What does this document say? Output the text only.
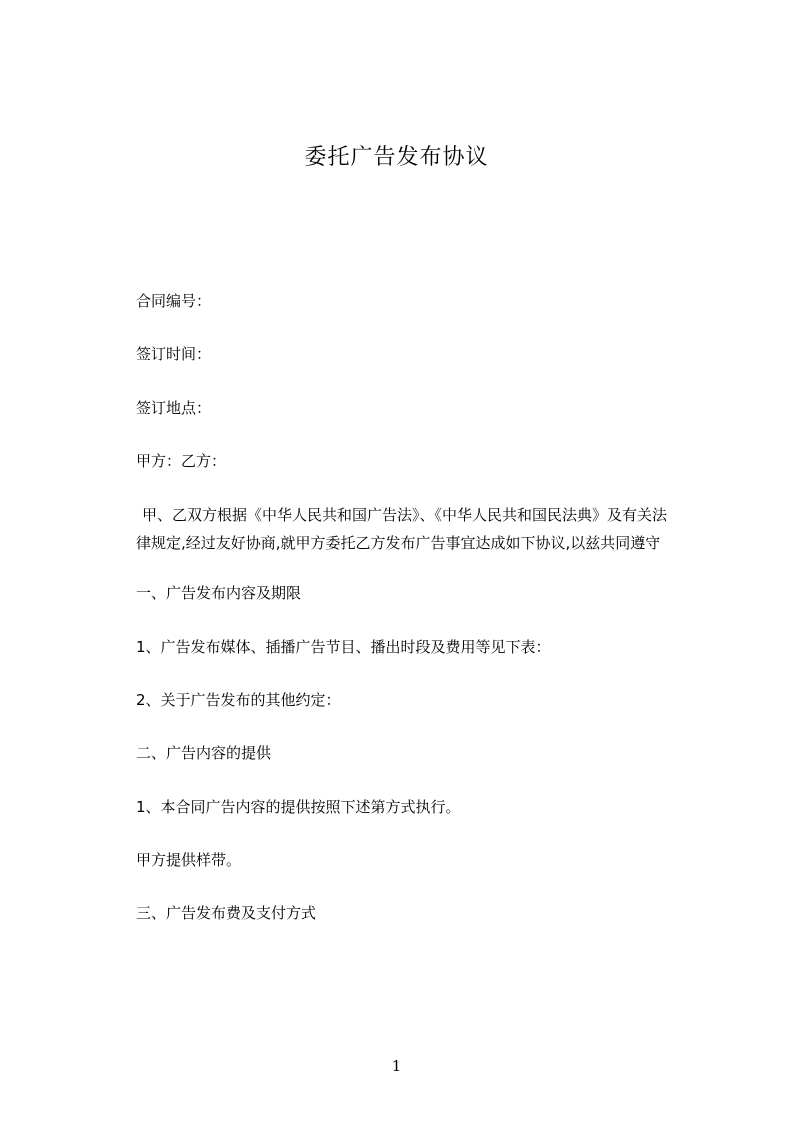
委托广告发布协议
合同编号：
签订时间：
签订地点：
甲方：乙方：
甲、乙双方根据《中华人民共和国广告法》、《中华人民共和国民法典》及有关法
律规定,经过友好协商,就甲方委托乙方发布广告事宜达成如下协议,以兹共同遵守
一、广告发布内容及期限
1、广告发布媒体、插播广告节目、播出时段及费用等见下表：
2、关于广告发布的其他约定：
二、广告内容的提供
1、本合同广告内容的提供按照下述第方式执行。
甲方提供样带。
三、广告发布费及支付方式
1
